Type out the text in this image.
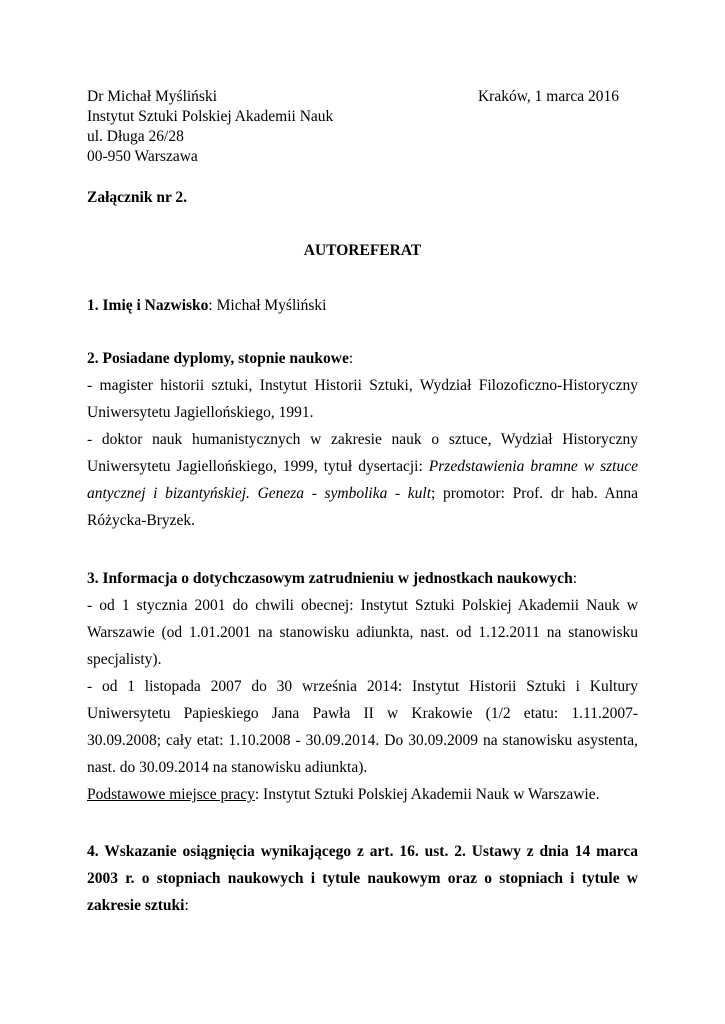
Dr Michał Myśliński
Instytut Sztuki Polskiej Akademii Nauk
ul. Długa 26/28
00-950 Warszawa
Kraków, 1 marca 2016
Załącznik nr 2.
AUTOREFERAT
1. Imię i Nazwisko: Michał Myśliński
2. Posiadane dyplomy, stopnie naukowe:
- magister historii sztuki, Instytut Historii Sztuki, Wydział Filozoficzno-Historyczny
Uniwersytetu Jagiellońskiego, 1991.
- doktor nauk humanistycznych w zakresie nauk o sztuce, Wydział Historyczny
Uniwersytetu Jagiellońskiego, 1999, tytuł dysertacji: Przedstawienia bramne w sztuce
antycznej i bizantyńskiej. Geneza - symbolika - kult; promotor: Prof. dr hab. Anna
Różycka-Bryzek.
3. Informacja o dotychczasowym zatrudnieniu w jednostkach naukowych:
- od 1 stycznia 2001 do chwili obecnej: Instytut Sztuki Polskiej Akademii Nauk w
Warszawie (od 1.01.2001 na stanowisku adiunkta, nast. od 1.12.2011 na stanowisku
specjalisty).
- od 1 listopada 2007 do 30 września 2014: Instytut Historii Sztuki i Kultury
Uniwersytetu Papieskiego Jana Pawła II w Krakowie (1/2 etatu: 1.11.2007-
30.09.2008; cały etat: 1.10.2008 - 30.09.2014. Do 30.09.2009 na stanowisku asystenta,
nast. do 30.09.2014 na stanowisku adiunkta).
Podstawowe miejsce pracy: Instytut Sztuki Polskiej Akademii Nauk w Warszawie.
4. Wskazanie osiągnięcia wynikającego z art. 16. ust. 2. Ustawy z dnia 14 marca
2003 r. o stopniach naukowych i tytule naukowym oraz o stopniach i tytule w
zakresie sztuki:
